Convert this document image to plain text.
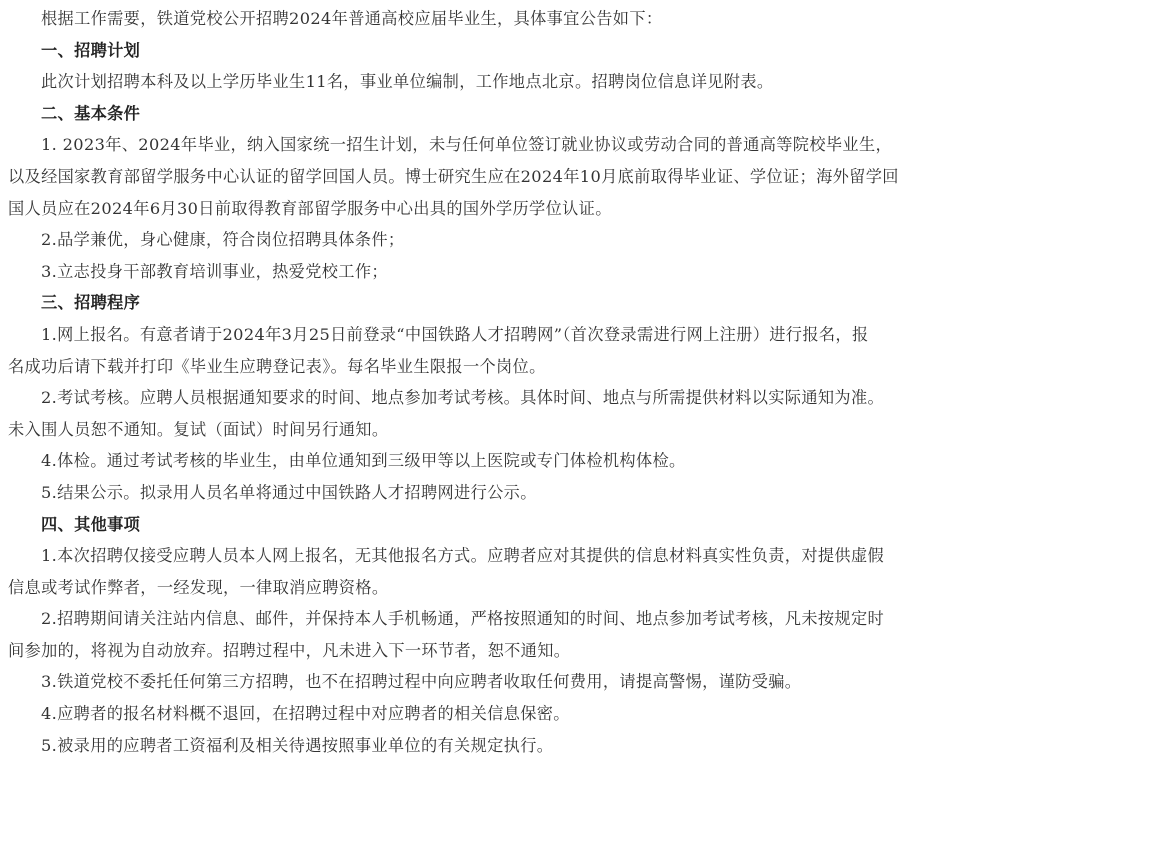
根据工作需要，铁道党校公开招聘2024年普通高校应届毕业生，具体事宜公告如下：
一、招聘计划
此次计划招聘本科及以上学历毕业生11名，事业单位编制，工作地点北京。招聘岗位信息详见附表。
二、基本条件
1. 2023年、2024年毕业，纳入国家统一招生计划，未与任何单位签订就业协议或劳动合同的普通高等院校毕业生，
以及经国家教育部留学服务中心认证的留学回国人员。博士研究生应在2024年10月底前取得毕业证、学位证；海外留学回
国人员应在2024年6月30日前取得教育部留学服务中心出具的国外学历学位认证。
2.品学兼优，身心健康，符合岗位招聘具体条件；
3.立志投身干部教育培训事业，热爱党校工作；
三、招聘程序
1.网上报名。有意者请于2024年3月25日前登录“中国铁路人才招聘网”（首次登录需进行网上注册）进行报名，报
名成功后请下载并打印《毕业生应聘登记表》。每名毕业生限报一个岗位。
2.考试考核。应聘人员根据通知要求的时间、地点参加考试考核。具体时间、地点与所需提供材料以实际通知为准。
未入围人员恕不通知。复试（面试）时间另行通知。
4.体检。通过考试考核的毕业生，由单位通知到三级甲等以上医院或专门体检机构体检。
5.结果公示。拟录用人员名单将通过中国铁路人才招聘网进行公示。
四、其他事项
1.本次招聘仅接受应聘人员本人网上报名，无其他报名方式。应聘者应对其提供的信息材料真实性负责，对提供虚假
信息或考试作弊者，一经发现，一律取消应聘资格。
2.招聘期间请关注站内信息、邮件，并保持本人手机畅通，严格按照通知的时间、地点参加考试考核，凡未按规定时
间参加的，将视为自动放弃。招聘过程中，凡未进入下一环节者，恕不通知。
3.铁道党校不委托任何第三方招聘，也不在招聘过程中向应聘者收取任何费用，请提高警惕，谨防受骗。
4.应聘者的报名材料概不退回，在招聘过程中对应聘者的相关信息保密。
5.被录用的应聘者工资福利及相关待遇按照事业单位的有关规定执行。
